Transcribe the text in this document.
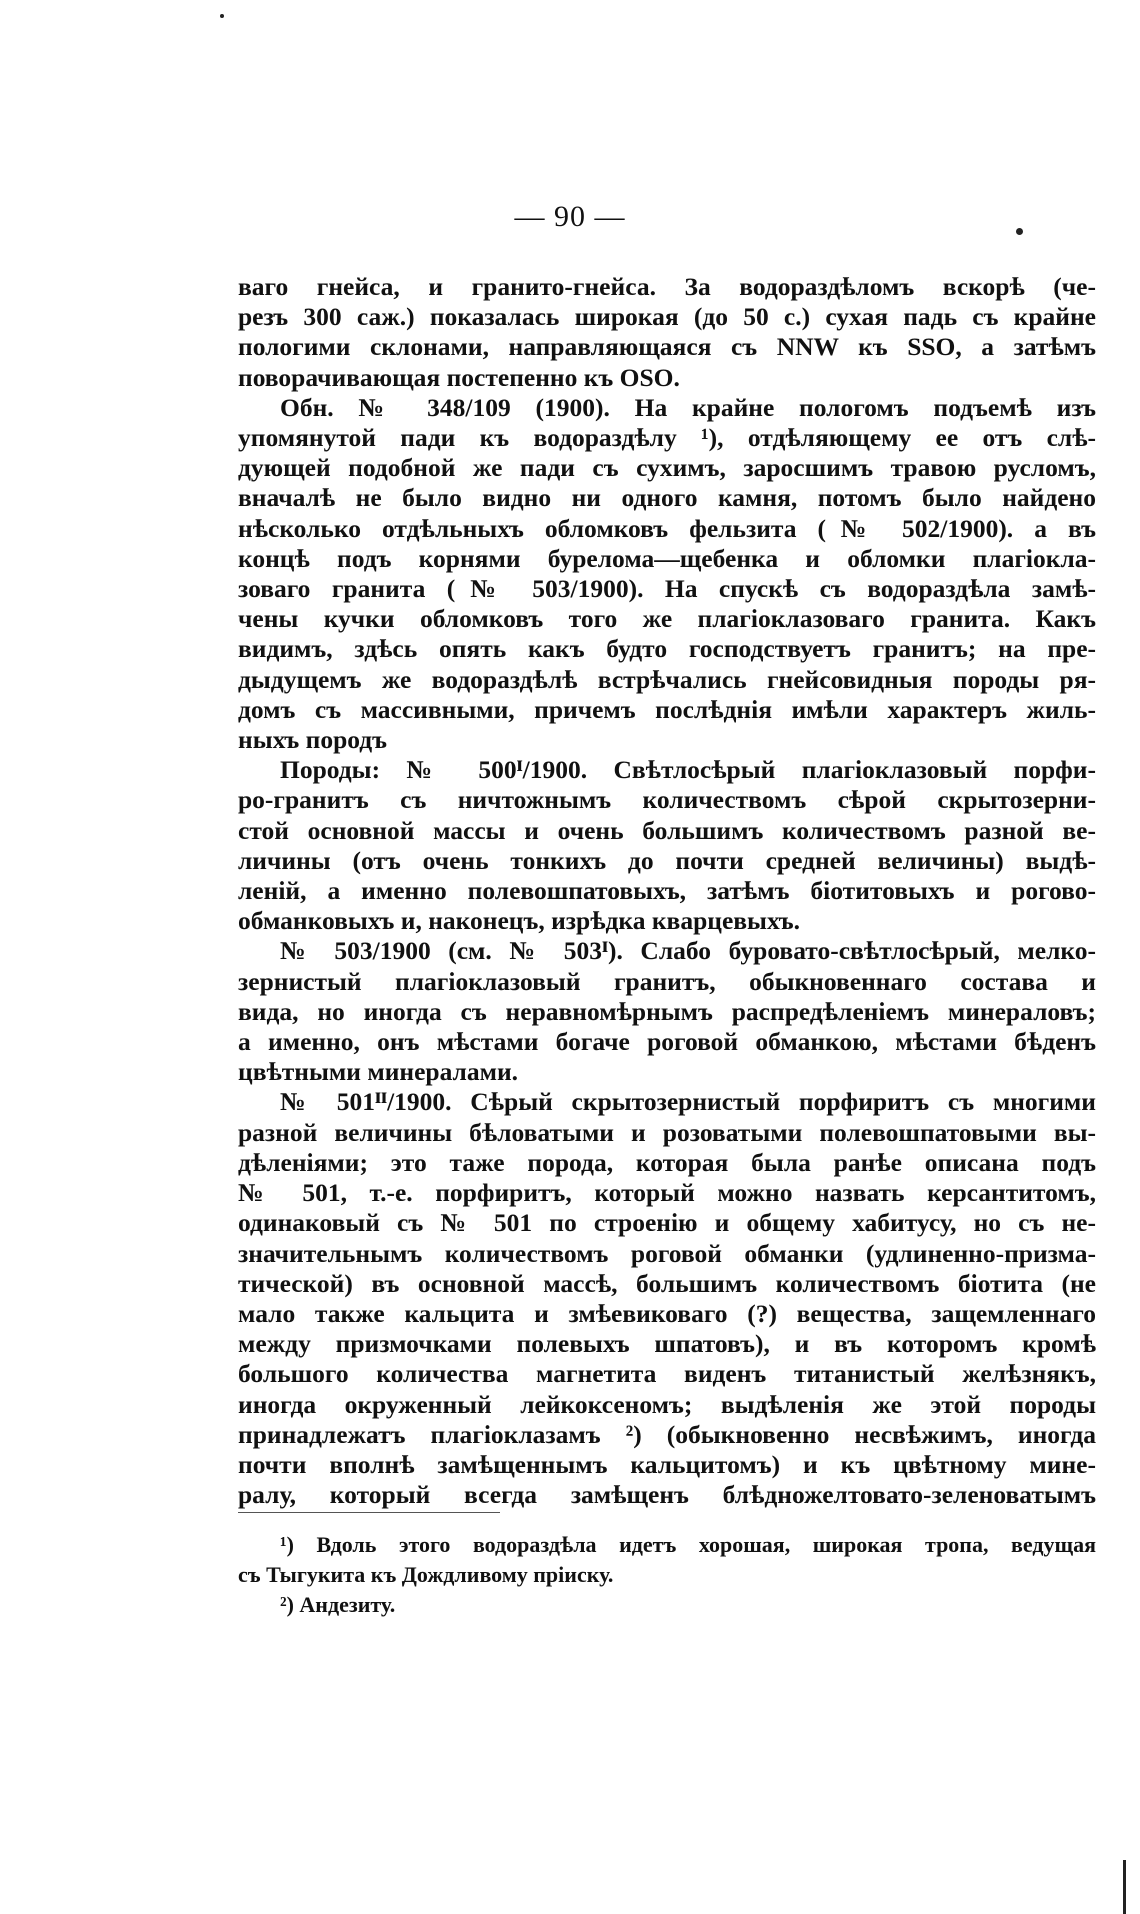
— 90 —
ваго гнейса, и гранито-гнейса. За водораздѣломъ вскорѣ (че-
резъ 300 саж.) показалась широкая (до 50 с.) сухая падь съ крайне
пологими склонами, направляющаяся съ NNW къ SSO, а затѣмъ
поворачивающая постепенно къ OSO.
Обн. № 348/109 (1900). На крайне пологомъ подъемѣ изъ
упомянутой пади къ водораздѣлу ¹), отдѣляющему ее отъ слѣ-
дующей подобной же пади съ сухимъ, заросшимъ травою русломъ,
вначалѣ не было видно ни одного камня, потомъ было найдено
нѣсколько отдѣльныхъ обломковъ фельзита (№ 502/1900). а въ
концѣ подъ корнями бурелома—щебенка и обломки плагіокла-
зоваго гранита (№ 503/1900). На спускѣ съ водораздѣла замѣ-
чены кучки обломковъ того же плагіоклазоваго гранита. Какъ
видимъ, здѣсь опять какъ будто господствуетъ гранитъ; на пре-
дыдущемъ же водораздѣлѣ встрѣчались гнейсовидныя породы ря-
домъ съ массивными, причемъ послѣднія имѣли характеръ жиль-
ныхъ породъ
Породы: № 500ᴵ/1900. Свѣтлосѣрый плагіоклазовый порфи-
ро-гранитъ съ ничтожнымъ количествомъ сѣрой скрытозерни-
стой основной массы и очень большимъ количествомъ разной ве-
личины (отъ очень тонкихъ до почти средней величины) выдѣ-
леній, а именно полевошпатовыхъ, затѣмъ біотитовыхъ и рогово-
обманковыхъ и, наконецъ, изрѣдка кварцевыхъ.
№ 503/1900 (см. № 503ᴵ). Слабо буровато-свѣтлосѣрый, мелко-
зернистый плагіоклазовый гранитъ, обыкновеннаго состава и
вида, но иногда съ неравномѣрнымъ распредѣленіемъ минераловъ;
а именно, онъ мѣстами богаче роговой обманкою, мѣстами бѣденъ
цвѣтными минералами.
№ 501ᴵᴵ/1900. Сѣрый скрытозернистый порфиритъ съ многими
разной величины бѣловатыми и розоватыми полевошпатовыми вы-
дѣленіями; это таже порода, которая была ранѣе описана подъ
№ 501, т.-е. порфиритъ, который можно назвать керсантитомъ,
одинаковый съ № 501 по строенію и общему хабитусу, но съ не-
значительнымъ количествомъ роговой обманки (удлиненно-призма-
тической) въ основной массѣ, большимъ количествомъ біотита (не
мало также кальцита и змѣевиковаго (?) вещества, защемленнаго
между призмочками полевыхъ шпатовъ), и въ которомъ кромѣ
большого количества магнетита виденъ титанистый желѣзнякъ,
иногда окруженный лейкоксеномъ; выдѣленія же этой породы
принадлежатъ плагіоклазамъ ²) (обыкновенно несвѣжимъ, иногда
почти вполнѣ замѣщеннымъ кальцитомъ) и къ цвѣтному мине-
ралу, который всегда замѣщенъ блѣдножелтовато-зеленоватымъ
¹) Вдоль этого водораздѣла идетъ хорошая, широкая тропа, ведущая
съ Тыгукита къ Дождливому пріиску.
²) Андезиту.
